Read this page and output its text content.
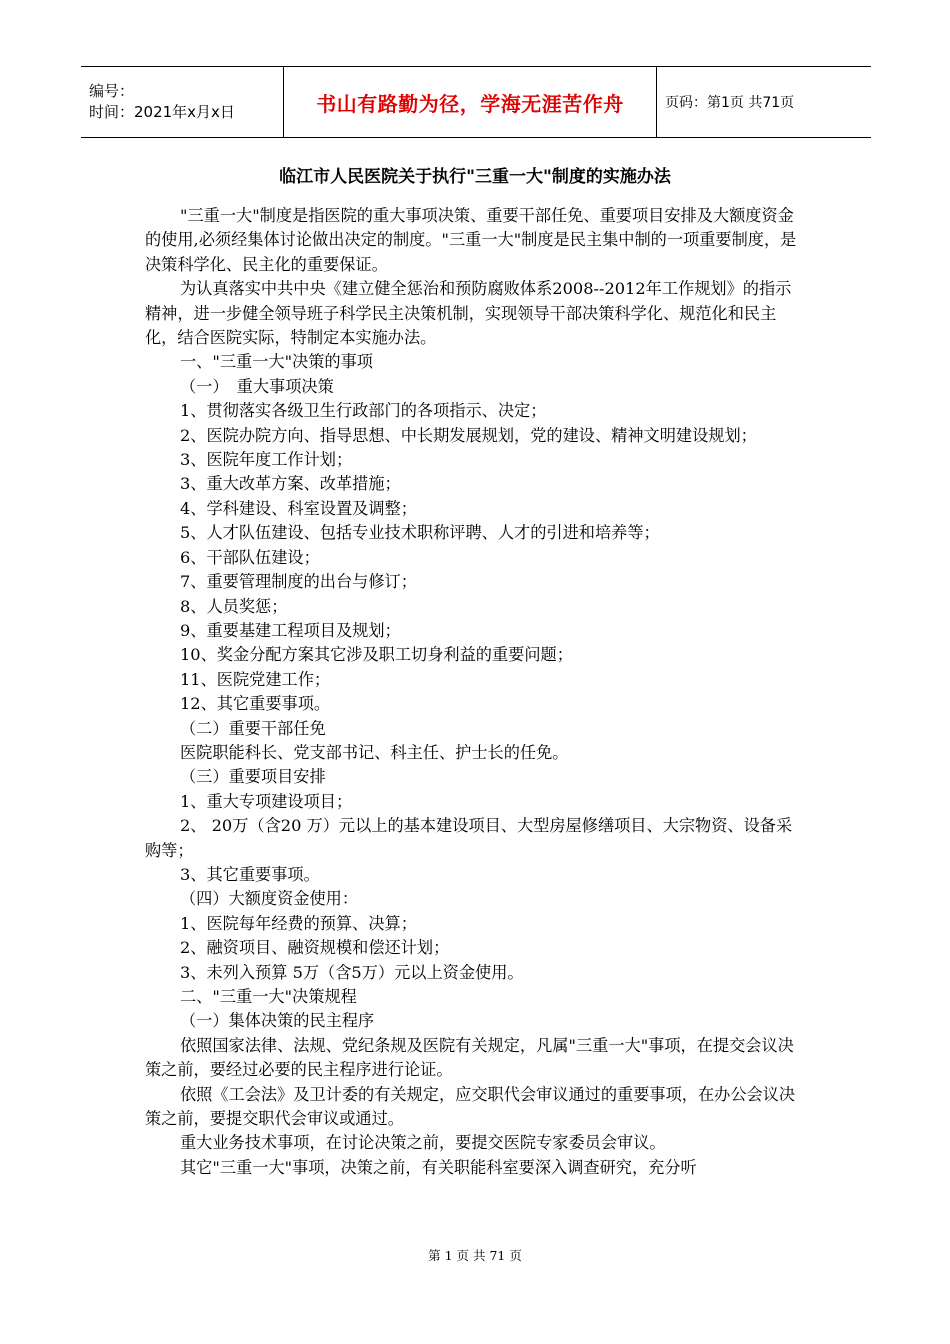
编号：
时间：2021年x月x日	书山有路勤为径，学海无涯苦作舟	页码：第1页 共71页
临江市人民医院关于执行"三重一大"制度的实施办法

"三重一大"制度是指医院的重大事项决策、重要干部任免、重要项目安排及大额度资金的使用,必须经集体讨论做出决定的制度。"三重一大"制度是民主集中制的一项重要制度，是决策科学化、民主化的重要保证。

为认真落实中共中央《建立健全惩治和预防腐败体系2008--2012年工作规划》的指示精神，进一步健全领导班子科学民主决策机制，实现领导干部决策科学化、规范化和民主化，结合医院实际，特制定本实施办法。

一、"三重一大"决策的事项

（一）　重大事项决策

1、贯彻落实各级卫生行政部门的各项指示、决定；

2、医院办院方向、指导思想、中长期发展规划，党的建设、精神文明建设规划；

3、医院年度工作计划；

3、重大改革方案、改革措施；

4、学科建设、科室设置及调整；

5、人才队伍建设、包括专业技术职称评聘、人才的引进和培养等；

6、干部队伍建设；

7、重要管理制度的出台与修订；

8、人员奖惩；

9、重要基建工程项目及规划；

10、奖金分配方案其它涉及职工切身利益的重要问题；

11、医院党建工作；

12、其它重要事项。

（二）重要干部任免

医院职能科长、党支部书记、科主任、护士长的任免。

（三）重要项目安排

1、重大专项建设项目；

2、 20万（含20 万）元以上的基本建设项目、大型房屋修缮项目、大宗物资、设备采购等；

3、其它重要事项。

（四）大额度资金使用：

1、医院每年经费的预算、决算；

2、融资项目、融资规模和偿还计划；

3、未列入预算 5万（含5万）元以上资金使用。

二、"三重一大"决策规程

（一）集体决策的民主程序

依照国家法律、法规、党纪条规及医院有关规定，凡属"三重一大"事项，在提交会议决策之前，要经过必要的民主程序进行论证。

依照《工会法》及卫计委的有关规定，应交职代会审议通过的重要事项，在办公会议决策之前，要提交职代会审议或通过。

重大业务技术事项，在讨论决策之前，要提交医院专家委员会审议。

其它"三重一大"事项，决策之前，有关职能科室要深入调查研究，充分听

第 1 页 共 71 页
